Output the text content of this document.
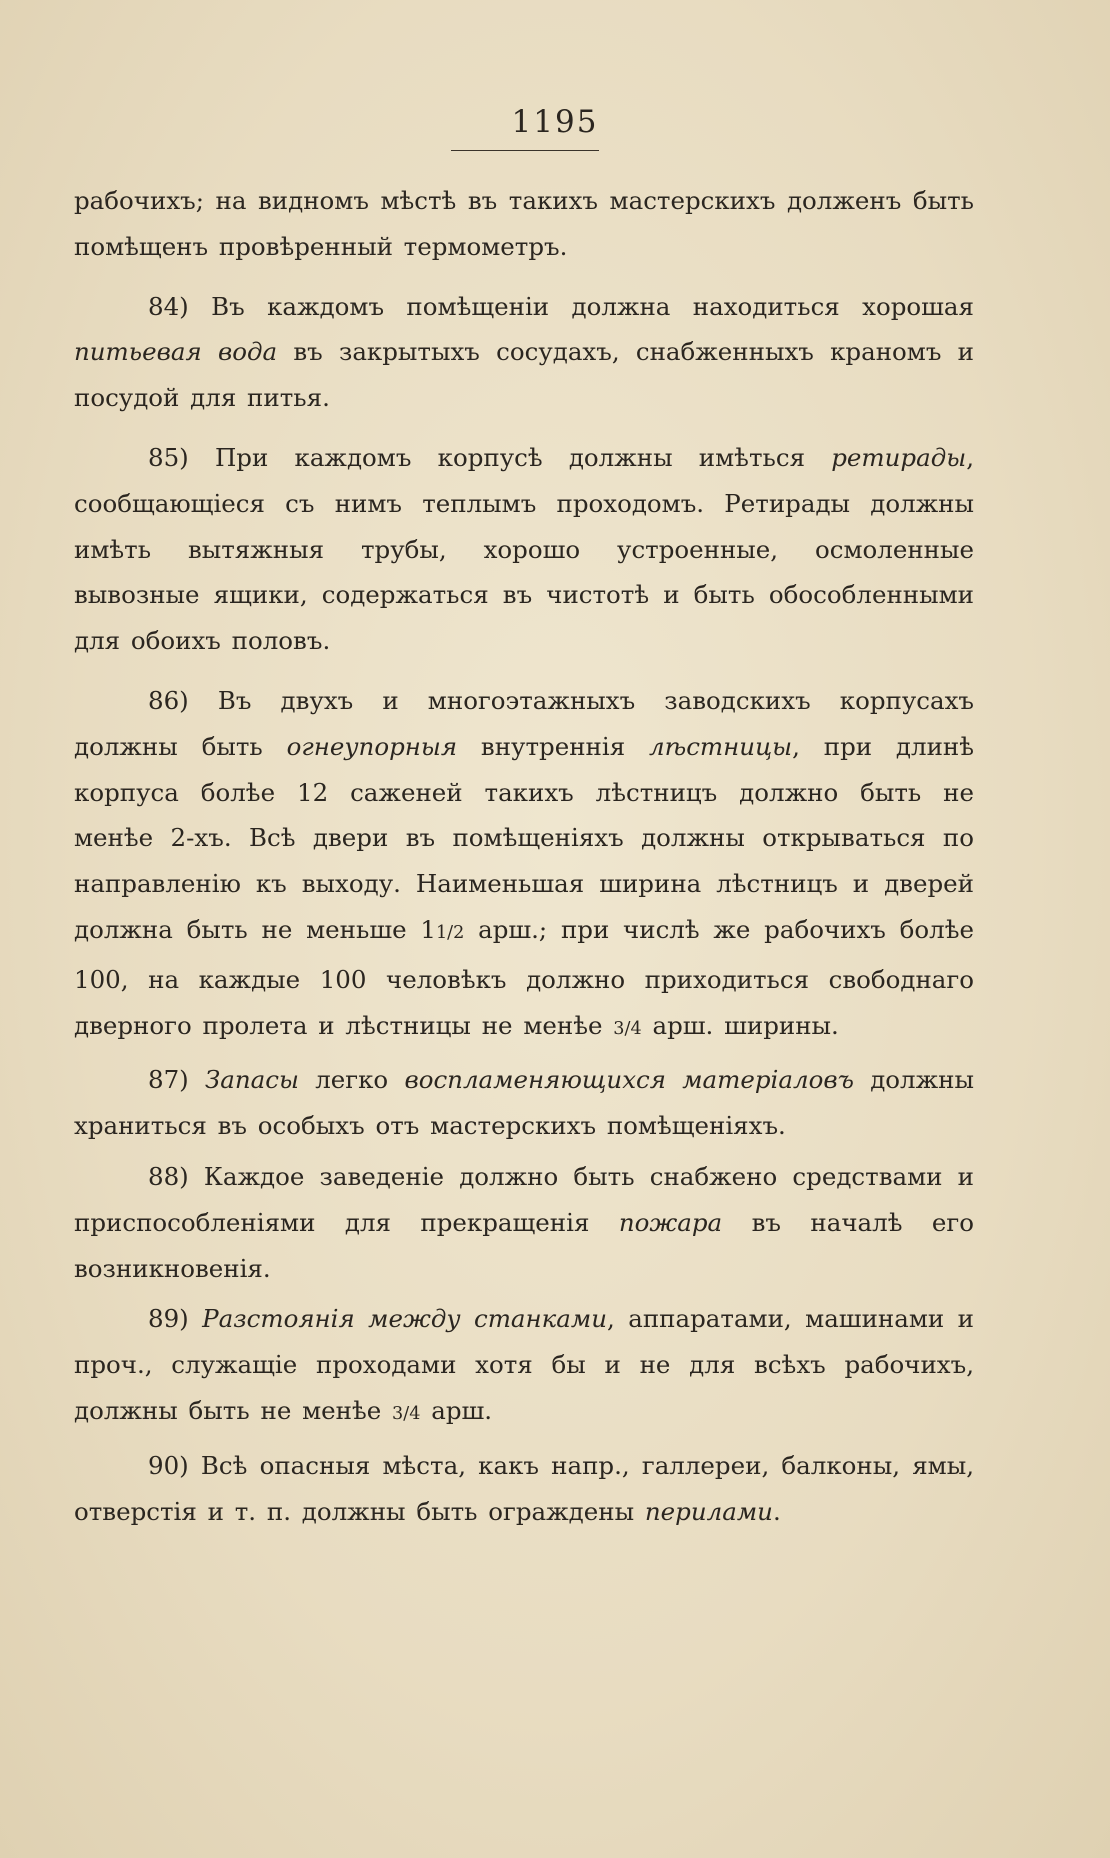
1195

рабочихъ; на видномъ мѣстѣ въ такихъ мастерскихъ долженъ быть помѣщенъ провѣренный термометръ.

84) Въ каждомъ помѣщеніи должна находиться хорошая питьевая вода въ закрытыхъ сосудахъ, снабженныхъ краномъ и посудой для питья.

85) При каждомъ корпусѣ должны имѣться ретирады, сообщающіеся съ нимъ теплымъ проходомъ. Ретирады должны имѣть вытяжныя трубы, хорошо устроенные, осмоленные вывозные ящики, содержаться въ чистотѣ и быть обособленными для обоихъ половъ.

86) Въ двухъ и многоэтажныхъ заводскихъ корпусахъ должны быть огнеупорныя внутреннія лѣстницы, при длинѣ корпуса болѣе 12 саженей такихъ лѣстницъ должно быть не менѣе 2-хъ. Всѣ двери въ помѣщеніяхъ должны открываться по направленію къ выходу. Наименьшая ширина лѣстницъ и дверей должна быть не меньше 11/2 арш.; при числѣ же рабочихъ болѣе 100, на каждые 100 человѣкъ должно приходиться свободнаго дверного пролета и лѣстницы не менѣе 3/4 арш. ширины.

87) Запасы легко воспламеняющихся матеріаловъ должны храниться въ особыхъ отъ мастерскихъ помѣщеніяхъ.

88) Каждое заведеніе должно быть снабжено средствами и приспособленіями для прекращенія пожара въ началѣ его возникновенія.

89) Разстоянія между станками, аппаратами, машинами и проч., служащіе проходами хотя бы и не для всѣхъ рабочихъ, должны быть не менѣе 3/4 арш.

90) Всѣ опасныя мѣста, какъ напр., галлереи, балконы, ямы, отверстія и т. п. должны быть ограждены перилами.
